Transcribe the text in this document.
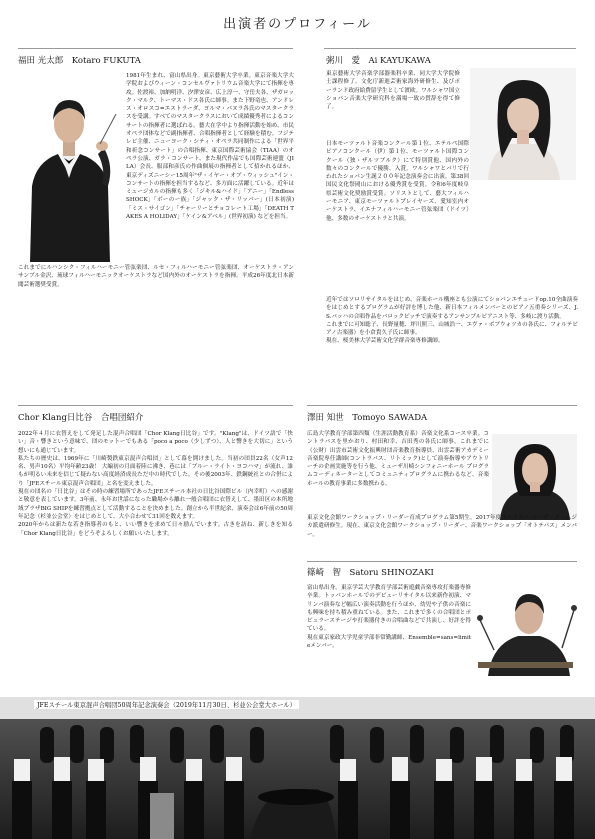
出演者のプロフィール
福田 光太郎　Kotaro FUKUTA

1981年生まれ、富山県出身。東京藝術大学卒業。東京音楽大学大学院およびウィーン・コンセルヴァトリウム音楽大学にて指揮を専攻。佐渡裕、加納明洋、汐澤安彦、広上淳一、守岳夫各、ザガロック・マルク、トーマス・ドス各氏に師事。また下野竜也、アンドレス・オロスコ=エストラーダ、ヨルマ・パヌラ各氏のマスタークラスを受講。すべてのマスタークラスにおいて成績優秀者によるコンサートの指揮者に選ばれる。藝大在学中より指揮活動を始め、市民オペラ団体などで副指揮者、合唱指揮者として経験を積む。フジテレビ主催、ニューヨーク・シティ・オペラ共同制作による「世界平和祈念コンサート」の合唱指揮、東京国際芸術協会（TIAA）のオペラ公演、ガラ・コンサート、また現代作品でも国際芸術連盟（JILA）会長、服部和彦氏の作曲個展の指揮者として招かれるほか、東京ディズニーシー15周年"ザ・イヤー・オブ・ウィッシュ"イン・コンサートの指揮を担当するなど、多方面に活躍している。近年はミュージカルの指揮も多く「ジキル&ハイド」「アニー」「Endless SHOCK」「ボーのー族」「ジャック・ザ・リッパー」(日本初演)「ミス・サイゴン」「チャーリーとチョコレート工場」「DEATH TAKES A HOLIDAY」「ケイン&アベル」(世界初演) などを担当。

これまでにルハンシク・フィルハーモニー管弦楽団、ルセ・フィルハーモニー管弦楽団、オーケストラ・アンサンブル金沢、琉球フィルハーモニックオーケストラなど国内外のオーケストラを指揮。平成26年度北日本新聞芸術選奨受賞。

粥川　愛　Ai KAYUKAWA

東京藝術大学音楽学部器楽科卒業、同大学大学院修士課程修了。文化庁新進芸術家海外研修生、及びポーランド政府給費留学生として渡欧。ワルシャワ国立ショパン音楽大学研究科を満場一致の賛辞を得て修了。

日本モーツァルト音楽コンクール第１位、エテルペ国際ピアノコンクール（伊）第１位、モーツァルト国際コンクール（独・ザルツブルク）にて特別賞他、国内外の数々のコンクールで優勝、入賞。ワルシャワとパリで行われたショパン生誕２００年記念演奏会に出演。第38回国民文化祭岡山における優秀賞を受賞。令和6年度岐阜県芸術文化奨励賞受賞。ソリストとして、藝大フィルハーモニア、東京モーツァルトプレイヤーズ、愛知室内オーケストラ、イエナフィルハーモニー管弦楽団（ドイツ）他、多数のオーケストラと共演。

近年ではソロリサイタルをはじめ、音楽ホール構座とも公演にてショパンエチュードop.10全曲演奏をはじめとするプログラムが好評を博した他、新日本フィルメンバーとのピアノ五重奏シリーズ、J.S.バッハの合唱作品をバロックピッチで演奏するアンサンブルピアニスト等、多岐に渡り活動。

これまでに可知聡子、長野量穂、坪川照三、山城浩一、エヴァ・ボブウォツカの各氏に、フォルテピアノ古楽器）を小倉貴久子氏に師事。

現在、桜美林大学芸術文化学群音楽専修講師。

Chor Klang日比谷　合唱団紹介

2022年４月に衣替えをして発足した混声合唱団「Chor Klang日比谷」です。"Klang"は、ドイツ語で「快い」音・響きという意味で、団のモットーでもある「poco a poco（少しずつ）、人と響きを大切に」という想いにも通じています。

私たちの歴史は、1969年に「川崎製鉄東京混声合唱団」として幕を開けました。当初の団員22名（女声12名、男声10名）平均年齢23歳！ 大編初の月面着陸に沸き、巷には「ブルー・ライト・ヨコハマ」が流れ、誰もが明るい未来を信じて疑わない高度経済成長ただ中の時代でした。その後2003年、鉄鋼統社との合併により「JFEスチール東京混声合唱団」と名を変えました。

現在の団名の「日比谷」はその時の練習場所であったJFEスチール本社の日比谷国際ビル（内幸町）への感謝と敬意を表しています。3年前、永年お世話になった職場から離れ一般合唱団に衣替えして、墨田区の本所地域プラザBIG SHIPを練習拠点として活動することを決めました。創立から半世紀余、演奏会は6年前の50周年記念（杉並公会堂）をはじめとして、大小合わせて31回を数えます。

2020年からは新たな若き指導者のもと、いい響きを求めて日々励んでいます。古きを訪ね、新しきを知る「Chor Klang日比谷」をどうぞよろしくお願いいたします。

澤田 知世　Tomoyo SAWADA

広島大学教育学部第四類（生涯活動教育系）音楽文化系コース卒業。コントラバスを里かおり、村田和幸、吉田秀の各氏に師事。これまでに（公財）出雲市芸術文化振興財団音楽教育指導員、出雲芸術アカデミー音楽院専任講師(コントラバス、リトミック)として演奏指導やアウトリーチの企画実施等を行う他、ミューザ川崎シンフォニーホール プログラムコーディネーターとしてコミュニティプログラムに携わるなど、音楽ホールの教育事業に多数携わる。

東京文化会館ワークショップ・リーダー育成プログラム第5期生。2017年度ポルトガル カーザ・ダ・ムジカ派遣研修生。現在、東京文化会館ワークショップ・リーダー、音楽ワークショップ「オトテパス」メンバー。

篠崎　智　Satoru SHINOZAKI

富山県出身。東京学芸大学教育学部芸術遊戯音楽専攻打楽器専修卒業。トッパンホールでのデビューリサイタル以来新作初演、マリンバ演奏など幅広い演奏活動を行うほか、幼児や子供の音楽にも興味を持ち積み重ねている。また、これまで多くの合唱団とポピュラーステージや打楽器付きの合唱曲などで共演し、好評を得ている。

現在東京家政大学児童学部非常勤講師、Ensemble=sans=limiteメンバー。

JFEスチール東京混声合唱団50周年記念演奏会（2019年11月30日、杉並公会堂大ホール）
